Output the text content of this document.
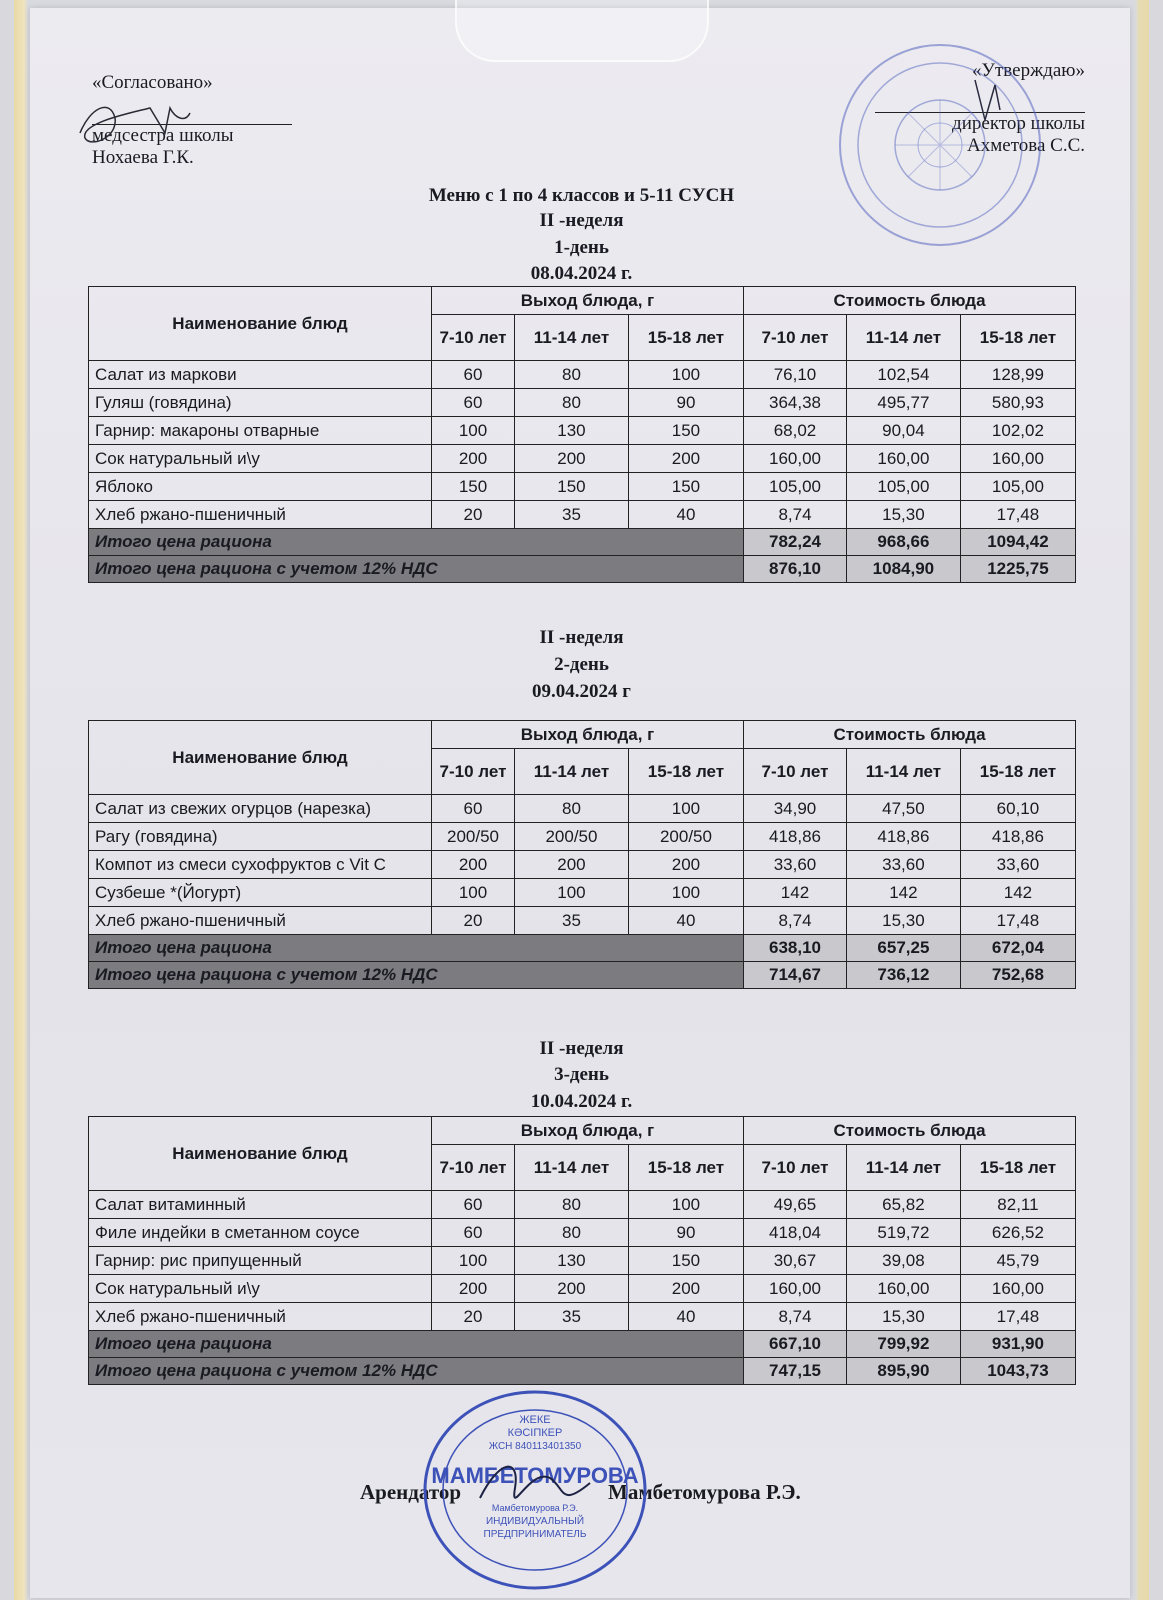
«Согласовано»
медсестра школы
Нохаева Г.К.
«Утверждаю»
директор школы
Ахметова С.С.
Меню с 1 по 4 классов и 5-11 СУСН
II -неделя
1-день
08.04.2024 г.
Наименование блюд	Выход блюда, г			Стоимость блюда		
	7-10 лет	11-14 лет	15-18 лет	7-10 лет	11-14 лет	15-18 лет
Салат из маркови	60	80	100	76,10	102,54	128,99
Гуляш (говядина)	60	80	90	364,38	495,77	580,93
Гарнир: макароны отварные	100	130	150	68,02	90,04	102,02
Сок натуральный и\у	200	200	200	160,00	160,00	160,00
Яблоко	150	150	150	105,00	105,00	105,00
Хлеб ржано-пшеничный	20	35	40	8,74	15,30	17,48
Итого цена рациона				782,24	968,66	1094,42
Итого цена рациона с учетом 12% НДС				876,10	1084,90	1225,75
II -неделя
2-день
09.04.2024 г
Наименование блюд	Выход блюда, г			Стоимость блюда		
	7-10 лет	11-14 лет	15-18 лет	7-10 лет	11-14 лет	15-18 лет
Салат из свежих огурцов (нарезка)	60	80	100	34,90	47,50	60,10
Рагу (говядина)	200/50	200/50	200/50	418,86	418,86	418,86
Компот из смеси сухофруктов с Vit C	200	200	200	33,60	33,60	33,60
Сузбеше *(Йогурт)	100	100	100	142	142	142
Хлеб ржано-пшеничный	20	35	40	8,74	15,30	17,48
Итого цена рациона				638,10	657,25	672,04
Итого цена рациона с учетом 12% НДС				714,67	736,12	752,68
II -неделя
3-день
10.04.2024 г.
Наименование блюд	Выход блюда, г			Стоимость блюда		
	7-10 лет	11-14 лет	15-18 лет	7-10 лет	11-14 лет	15-18 лет
Салат витаминный	60	80	100	49,65	65,82	82,11
Филе индейки в сметанном соусе	60	80	90	418,04	519,72	626,52
Гарнир: рис припущенный	100	130	150	30,67	39,08	45,79
Сок натуральный и\у	200	200	200	160,00	160,00	160,00
Хлеб ржано-пшеничный	20	35	40	8,74	15,30	17,48
Итого цена рациона				667,10	799,92	931,90
Итого цена рациона с учетом 12% НДС				747,15	895,90	1043,73
Арендатор	Мамбетомурова Р.Э.
ЖЕКЕ
КӘСІПКЕР
ЖСН 840113401350
МАМБЕТОМУРОВА
Мамбетомурова Р.Э.
ИНДИВИДУАЛЬНЫЙ
ПРЕДПРИНИМАТЕЛЬ
